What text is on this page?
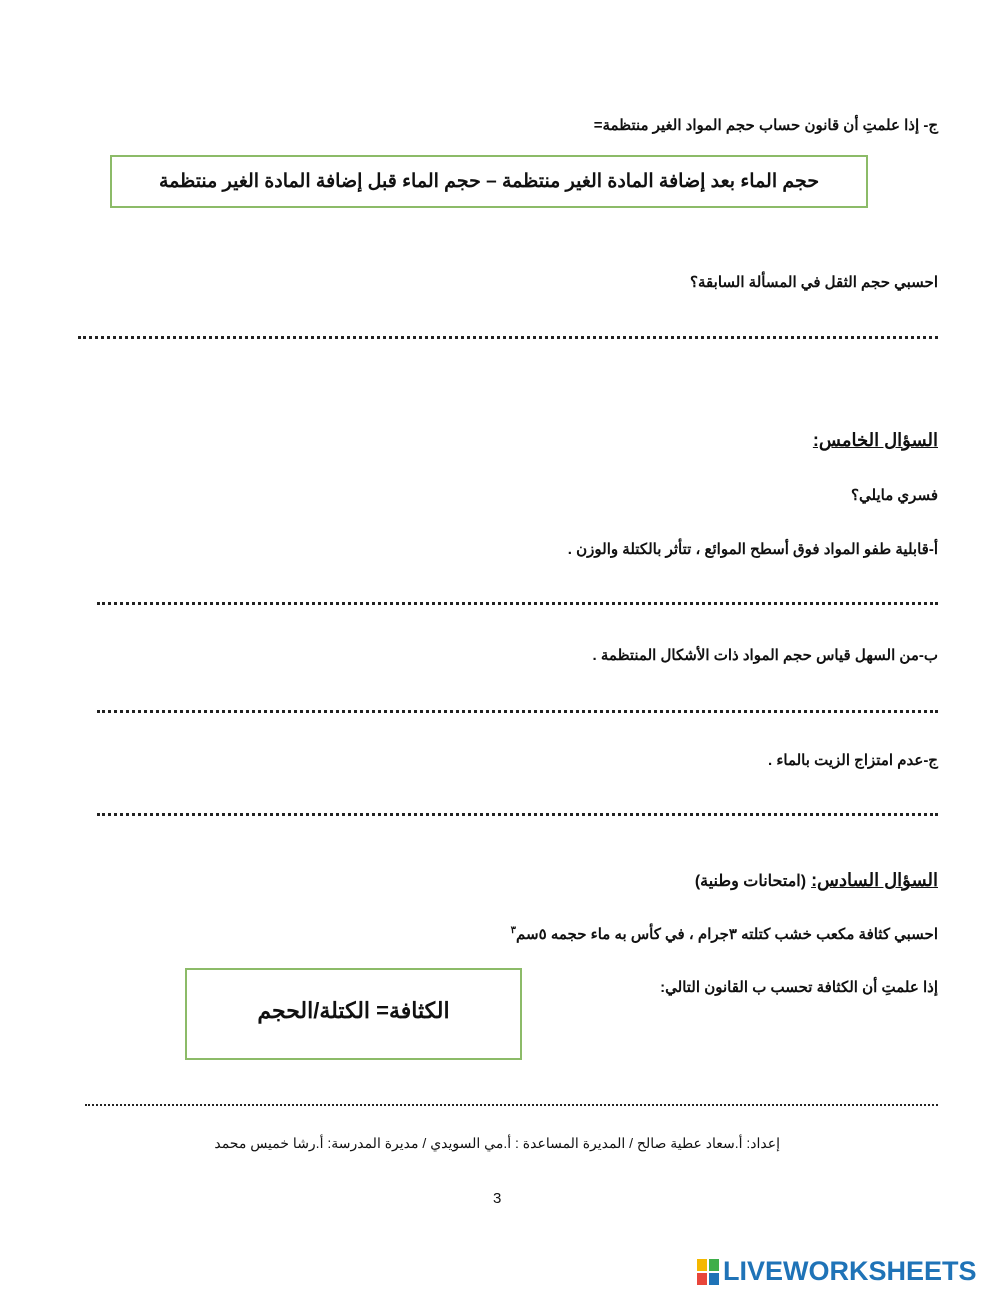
ج- إذا علمتِ أن قانون حساب حجم المواد الغير منتظمة=
حجم الماء بعد إضافة المادة الغير منتظمة – حجم الماء قبل إضافة المادة الغير منتظمة
احسبي حجم الثقل في المسألة السابقة؟
السؤال الخامس:
فسري مايلي؟
أ-قابلية طفو المواد فوق أسطح الموائع ، تتأثر بالكتلة والوزن .
ب-من السهل قياس حجم المواد ذات الأشكال المنتظمة .
ج-عدم امتزاج الزيت بالماء .
السؤال السادس: (امتحانات وطنية)
احسبي كثافة مكعب خشب كتلته ٣جرام ، في كأس به ماء حجمه ٥سم$^٣$
إذا علمتِ أن الكثافة تحسب ب القانون التالي:
الكثافة= الكتلة/الحجم
إعداد: أ.سعاد عطية صالح / المديرة المساعدة : أ.مي السويدي / مديرة المدرسة: أ.رشا خميس محمد
3
LIVEWORKSHEETS
